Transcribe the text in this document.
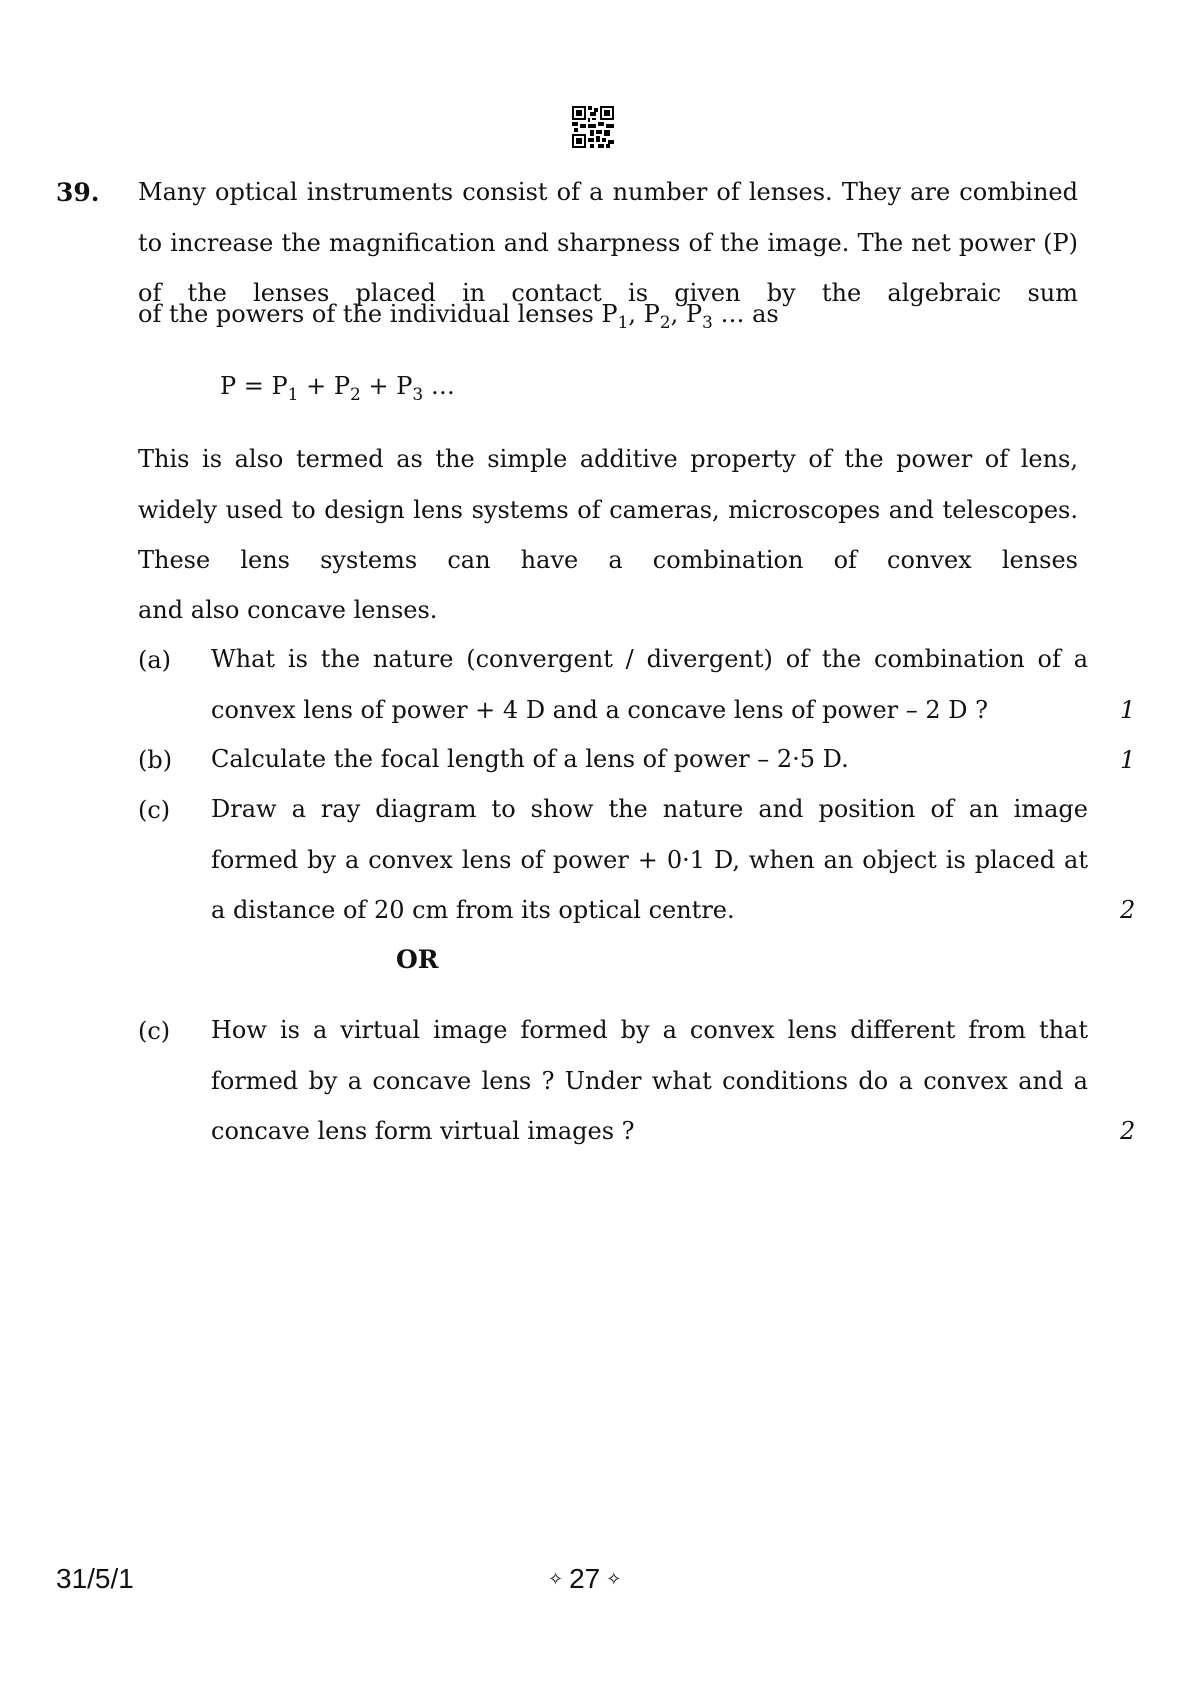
39. Many optical instruments consist of a number of lenses. They are combined to increase the magnification and sharpness of the image. The net power (P) of the lenses placed in contact is given by the algebraic sum
of the powers of the individual lenses $P_1$, $P_2$, $P_3$ … as
$P = P_1 + P_2 + P_3$ …
This is also termed as the simple additive property of the power of lens, widely used to design lens systems of cameras, microscopes and telescopes. These lens systems can have a combination of convex lenses
and also concave lenses.
(a) What is the nature (convergent / divergent) of the combination of a convex lens of power + 4 D and a concave lens of power – 2 D ?	1
(b) Calculate the focal length of a lens of power – 2·5 D.	1
(c) Draw a ray diagram to show the nature and position of an image formed by a convex lens of power + 0·1 D, when an object is placed at a distance of 20 cm from its optical centre.	2
OR
(c) How is a virtual image formed by a convex lens different from that formed by a concave lens ? Under what conditions do a convex and a concave lens form virtual images ?	2
31/5/1	✧ 27 ✧
